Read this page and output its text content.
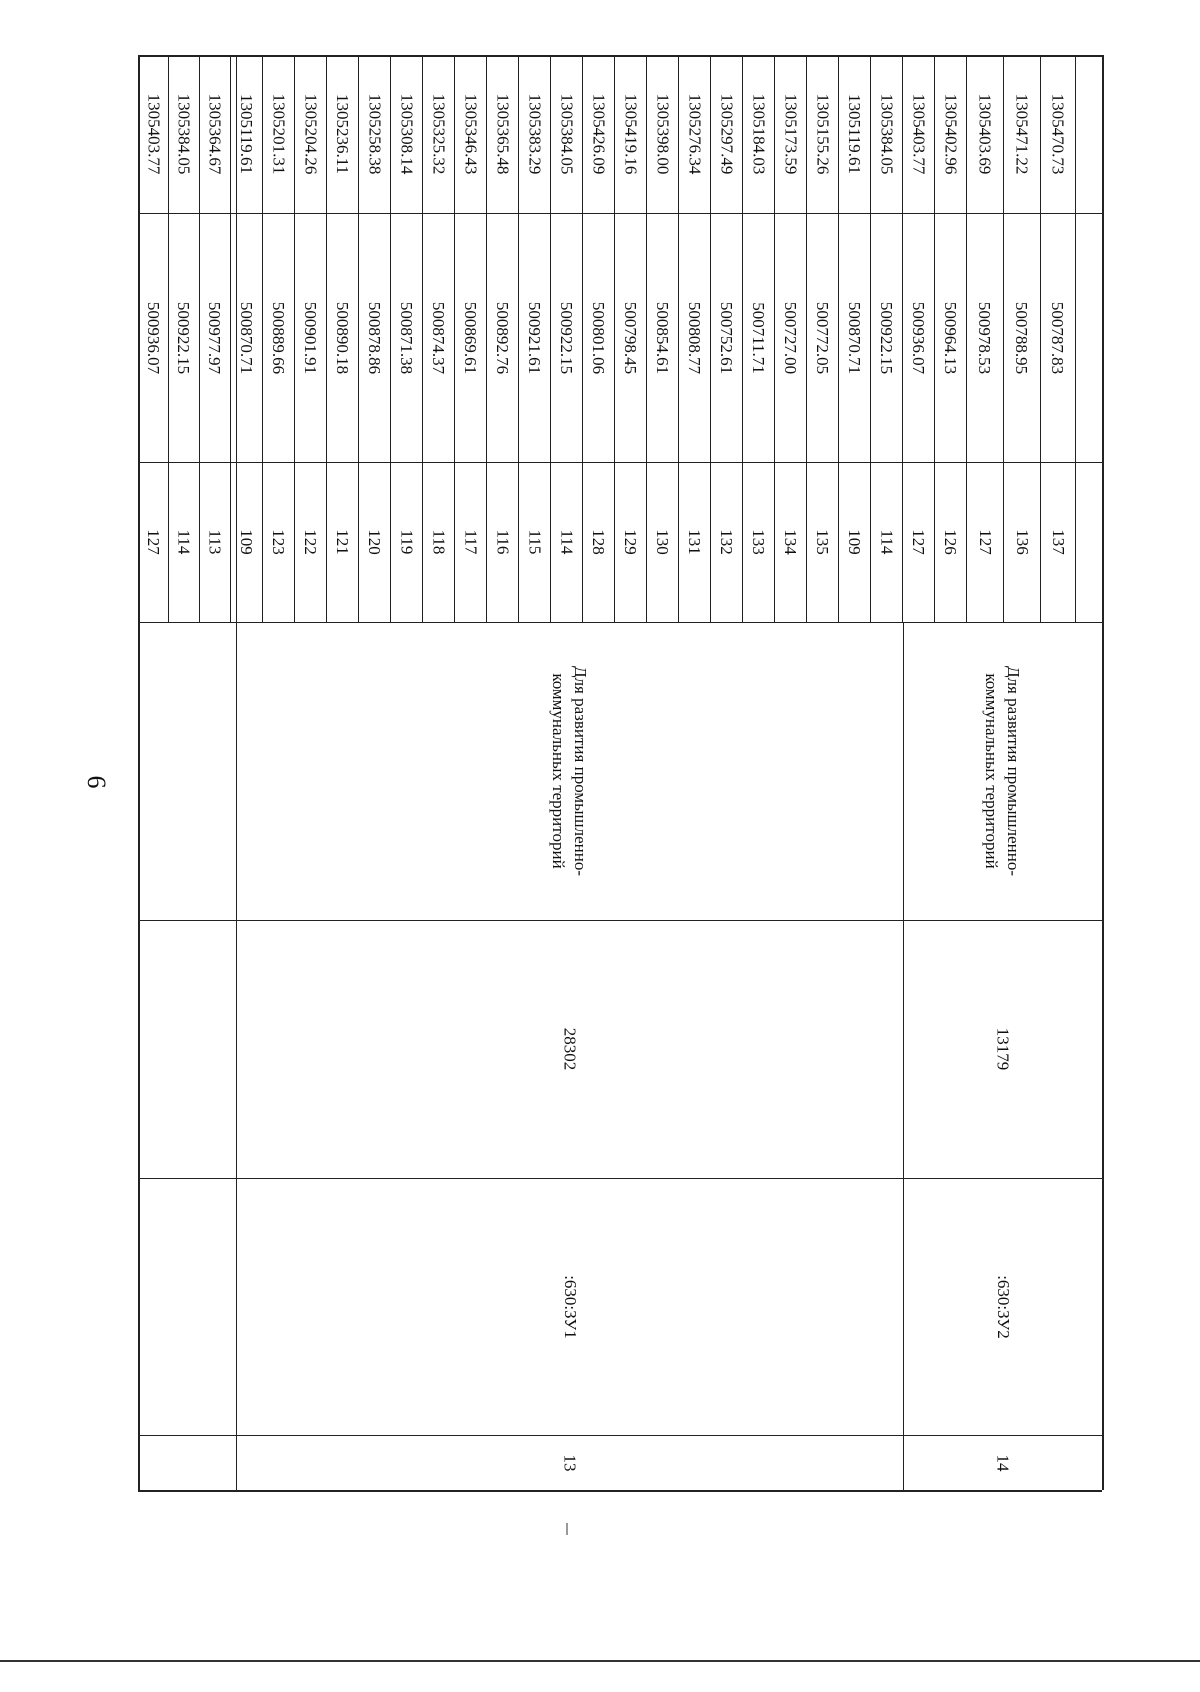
1305403.77
500936.07
127
1305384.05
500922.15
114
1305364.67
500977.97
113
1305119.61
500870.71
109
1305201.31
500889.66
123
1305204.26
500901.91
122
1305236.11
500890.18
121
1305258.38
500878.86
120
1305308.14
500871.38
119
1305325.32
500874.37
118
1305346.43
500869.61
117
1305365.48
500892.76
116
1305383.29
500921.61
115
1305384.05
500922.15
114
1305426.09
500801.06
128
1305419.16
500798.45
129
1305398.00
500854.61
130
1305276.34
500808.77
131
1305297.49
500752.61
132
1305184.03
500711.71
133
1305173.59
500727.00
134
1305155.26
500772.05
135
1305119.61
500870.71
109
1305384.05
500922.15
114
1305403.77
500936.07
127
1305402.96
500964.13
126
1305403.69
500978.53
127
1305471.22
500788.95
136
1305470.73
500787.83
137
Для развития промышленно-
коммунальных территорий
28302
:630:ЗУ1
13
Для развития промышленно-
коммунальных территорий
13179
:630:ЗУ2
14
6
